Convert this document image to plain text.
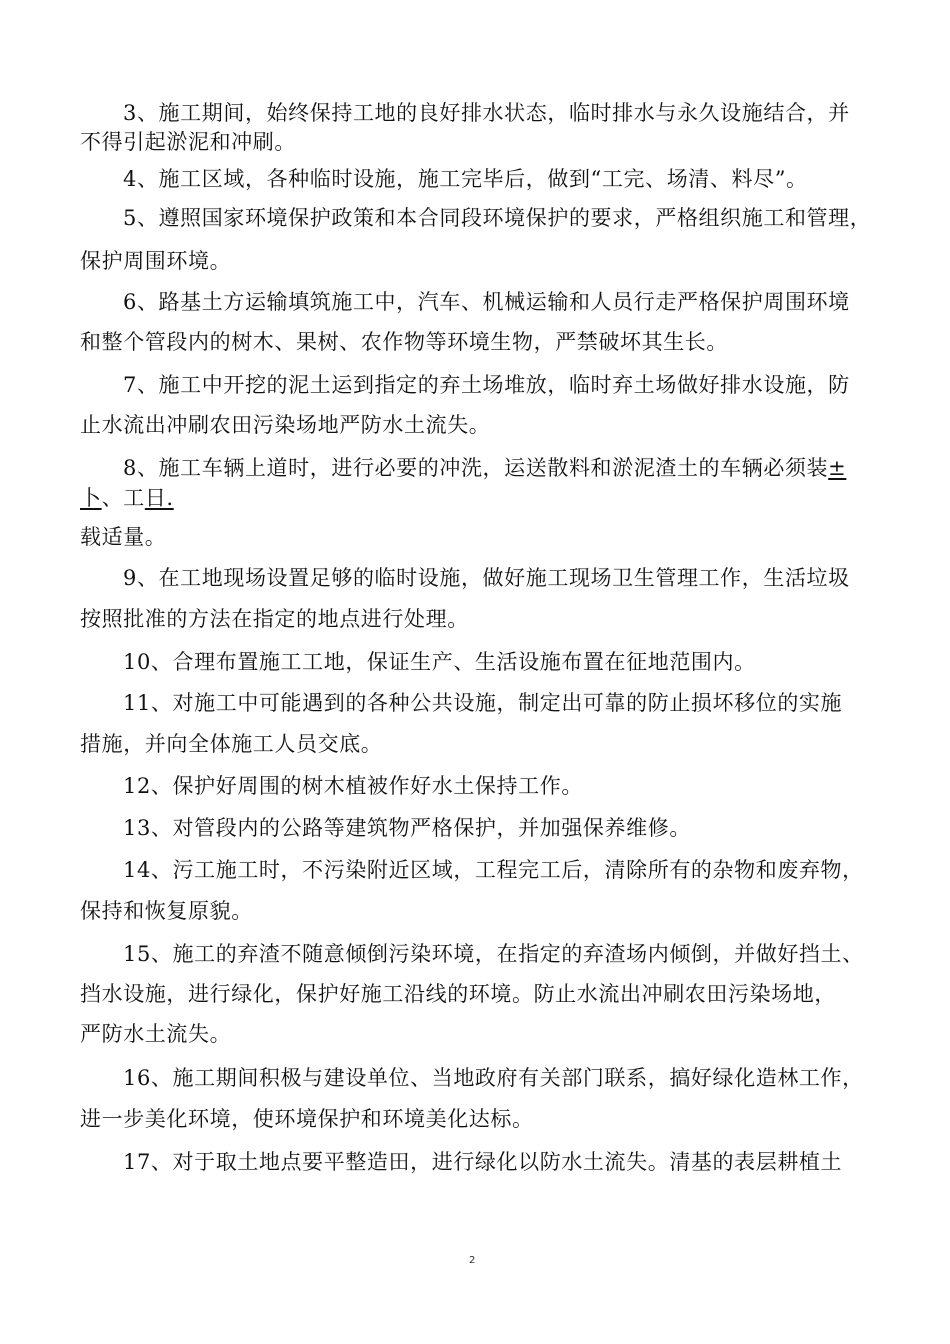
3、施工期间，始终保持工地的良好排水状态，临时排水与永久设施结合，并
不得引起淤泥和冲刷。
4、施工区域，各种临时设施，施工完毕后，做到“工完、场清、料尽”。
5、遵照国家环境保护政策和本合同段环境保护的要求，严格组织施工和管理，
保护周围环境。
6、路基土方运输填筑施工中，汽车、机械运输和人员行走严格保护周围环境
和整个管段内的树木、果树、农作物等环境生物，严禁破坏其生长。
7、施工中开挖的泥土运到指定的弃土场堆放，临时弃土场做好排水设施，防
止水流出冲刷农田污染场地严防水土流失。
8、施工车辆上道时，进行必要的冲洗，运送散料和淤泥渣土的车辆必须装±
卜、工日.
载适量。
9、在工地现场设置足够的临时设施，做好施工现场卫生管理工作，生活垃圾
按照批准的方法在指定的地点进行处理。
10、合理布置施工工地，保证生产、生活设施布置在征地范围内。
11、对施工中可能遇到的各种公共设施，制定出可靠的防止损坏移位的实施
措施，并向全体施工人员交底。
12、保护好周围的树木植被作好水土保持工作。
13、对管段内的公路等建筑物严格保护，并加强保养维修。
14、污工施工时，不污染附近区域，工程完工后，清除所有的杂物和废弃物，
保持和恢复原貌。
15、施工的弃渣不随意倾倒污染环境，在指定的弃渣场内倾倒，并做好挡土、
挡水设施，进行绿化，保护好施工沿线的环境。防止水流出冲刷农田污染场地，
严防水土流失。
16、施工期间积极与建设单位、当地政府有关部门联系，搞好绿化造林工作，
进一步美化环境，使环境保护和环境美化达标。
17、对于取土地点要平整造田，进行绿化以防水土流失。清基的表层耕植土
2
